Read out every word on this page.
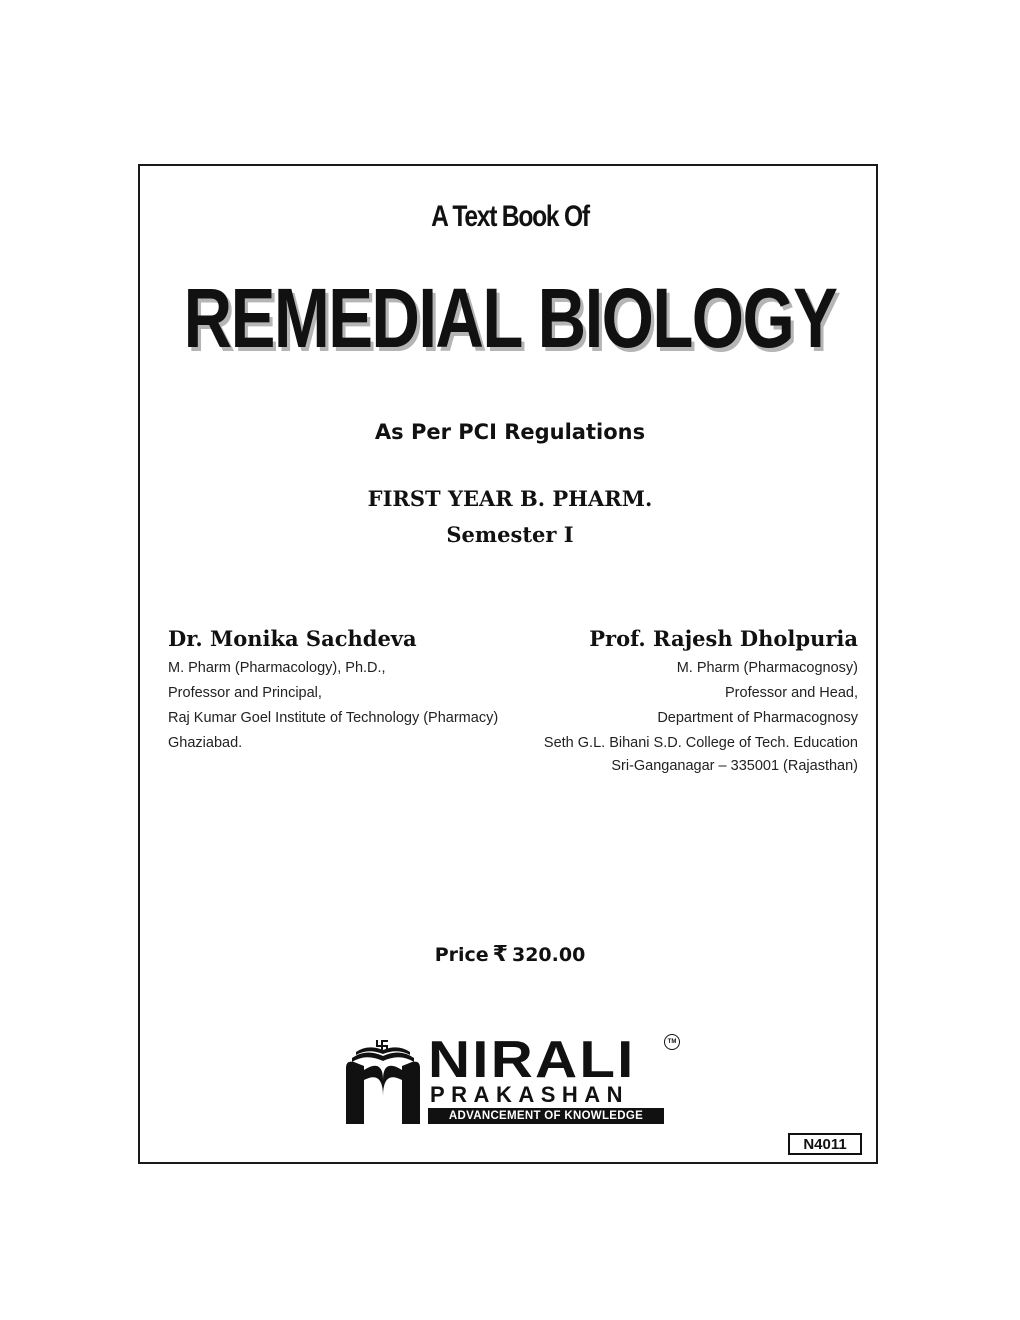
A Text Book Of
REMEDIAL BIOLOGY
As Per PCI Regulations
FIRST YEAR B. PHARM.
Semester I
Dr. Monika Sachdeva
M. Pharm (Pharmacology), Ph.D.,
Professor and Principal,
Raj Kumar Goel Institute of Technology (Pharmacy)
Ghaziabad.
Prof. Rajesh Dholpuria
M. Pharm (Pharmacognosy)
Professor and Head,
Department of Pharmacognosy
Seth G.L. Bihani S.D. College of Tech. Education
Sri-Ganganagar – 335001 (Rajasthan)
Price ₹ 320.00
NIRALI	TM
PRAKASHAN
ADVANCEMENT OF KNOWLEDGE
N4011
